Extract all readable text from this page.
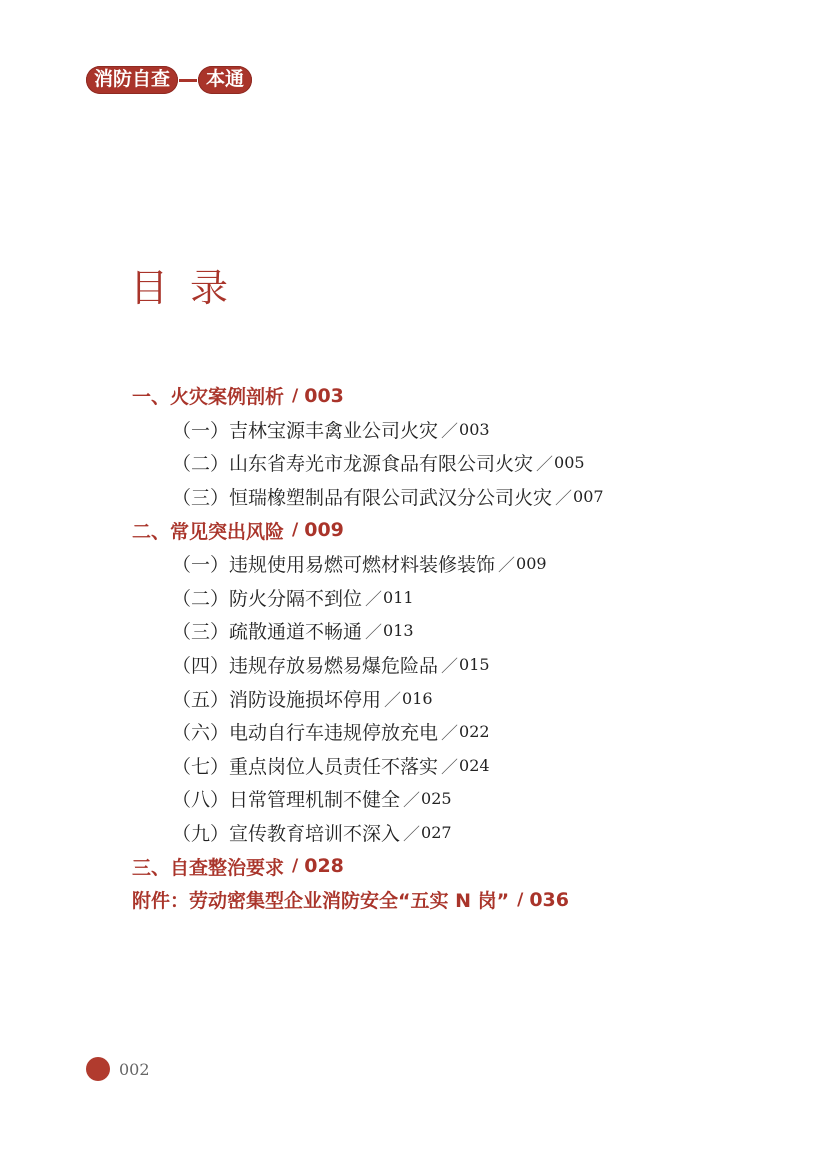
消防自查	本通
目录
一、火灾案例剖析 / 003
（一）吉林宝源丰禽业公司火灾 ／ 003
（二）山东省寿光市龙源食品有限公司火灾 ／ 005
（三）恒瑞橡塑制品有限公司武汉分公司火灾 ／ 007
二、常见突出风险 / 009
（一）违规使用易燃可燃材料装修装饰 ／ 009
（二）防火分隔不到位 ／ 011
（三）疏散通道不畅通 ／ 013
（四）违规存放易燃易爆危险品 ／ 015
（五）消防设施损坏停用 ／ 016
（六）电动自行车违规停放充电 ／ 022
（七）重点岗位人员责任不落实 ／ 024
（八）日常管理机制不健全 ／ 025
（九）宣传教育培训不深入 ／ 027
三、自查整治要求 / 028
附件：劳动密集型企业消防安全“五实 N 岗” / 036
002
